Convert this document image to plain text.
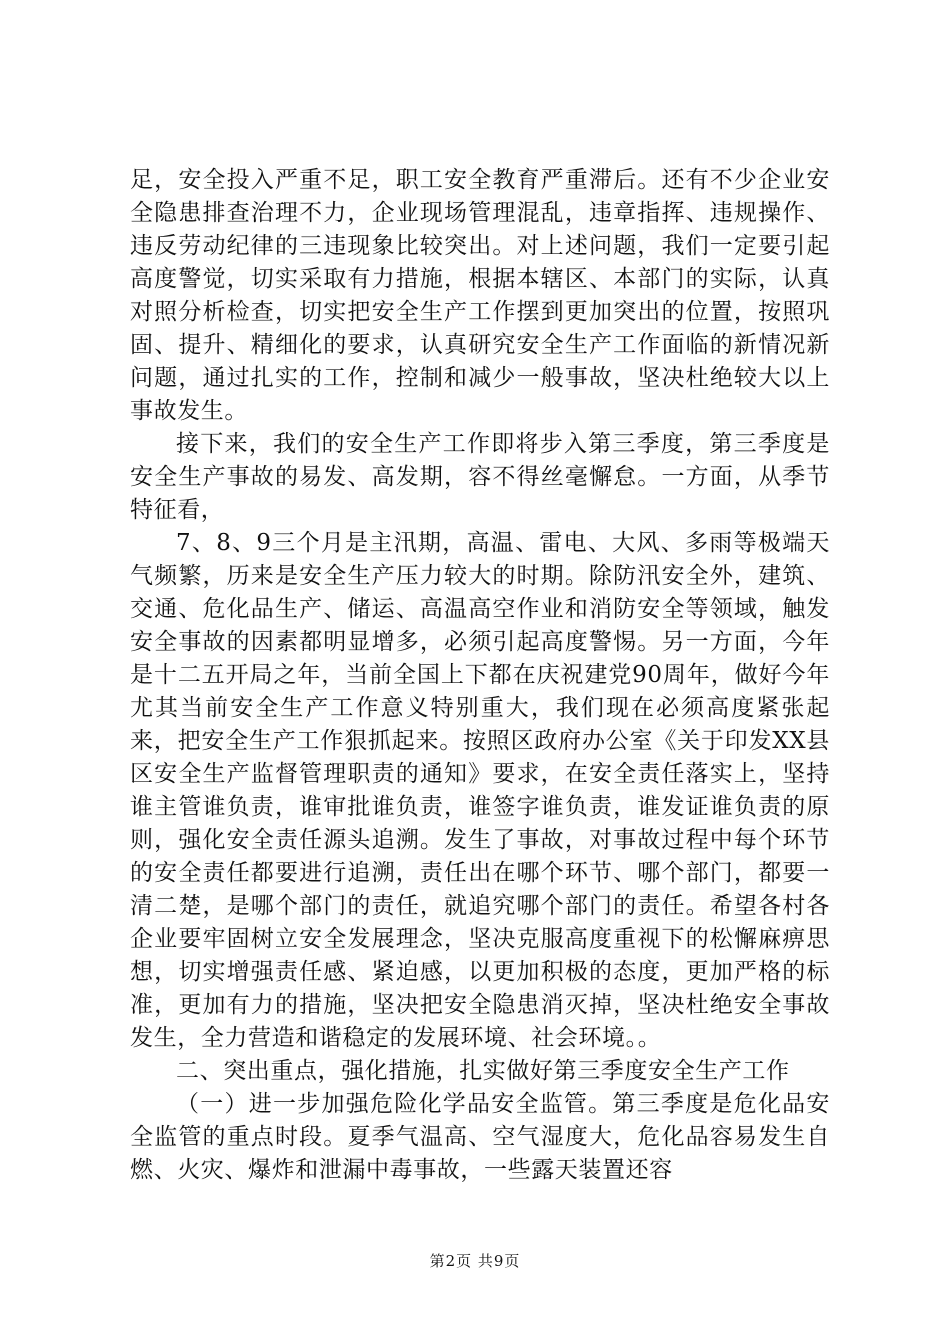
足，安全投入严重不足，职工安全教育严重滞后。还有不少企业安全隐患排查治理不力，企业现场管理混乱，违章指挥、违规操作、违反劳动纪律的三违现象比较突出。对上述问题，我们一定要引起高度警觉，切实采取有力措施，根据本辖区、本部门的实际，认真对照分析检查，切实把安全生产工作摆到更加突出的位置，按照巩固、提升、精细化的要求，认真研究安全生产工作面临的新情况新问题，通过扎实的工作，控制和减少一般事故，坚决杜绝较大以上事故发生。

接下来，我们的安全生产工作即将步入第三季度，第三季度是安全生产事故的易发、高发期，容不得丝毫懈怠。一方面，从季节特征看，

7、8、9三个月是主汛期，高温、雷电、大风、多雨等极端天气频繁，历来是安全生产压力较大的时期。除防汛安全外，建筑、交通、危化品生产、储运、高温高空作业和消防安全等领域，触发安全事故的因素都明显增多，必须引起高度警惕。另一方面，今年是十二五开局之年，当前全国上下都在庆祝建党90周年，做好今年尤其当前安全生产工作意义特别重大，我们现在必须高度紧张起来，把安全生产工作狠抓起来。按照区政府办公室《关于印发XX县区安全生产监督管理职责的通知》要求，在安全责任落实上，坚持谁主管谁负责，谁审批谁负责，谁签字谁负责，谁发证谁负责的原则，强化安全责任源头追溯。发生了事故，对事故过程中每个环节的安全责任都要进行追溯，责任出在哪个环节、哪个部门，都要一清二楚，是哪个部门的责任，就追究哪个部门的责任。希望各村各企业要牢固树立安全发展理念，坚决克服高度重视下的松懈麻痹思想，切实增强责任感、紧迫感，以更加积极的态度，更加严格的标准，更加有力的措施，坚决把安全隐患消灭掉，坚决杜绝安全事故发生，全力营造和谐稳定的发展环境、社会环境。。

二、突出重点，强化措施，扎实做好第三季度安全生产工作

（一）进一步加强危险化学品安全监管。第三季度是危化品安全监管的重点时段。夏季气温高、空气湿度大，危化品容易发生自燃、火灾、爆炸和泄漏中毒事故，一些露天装置还容

第2页 共9页
